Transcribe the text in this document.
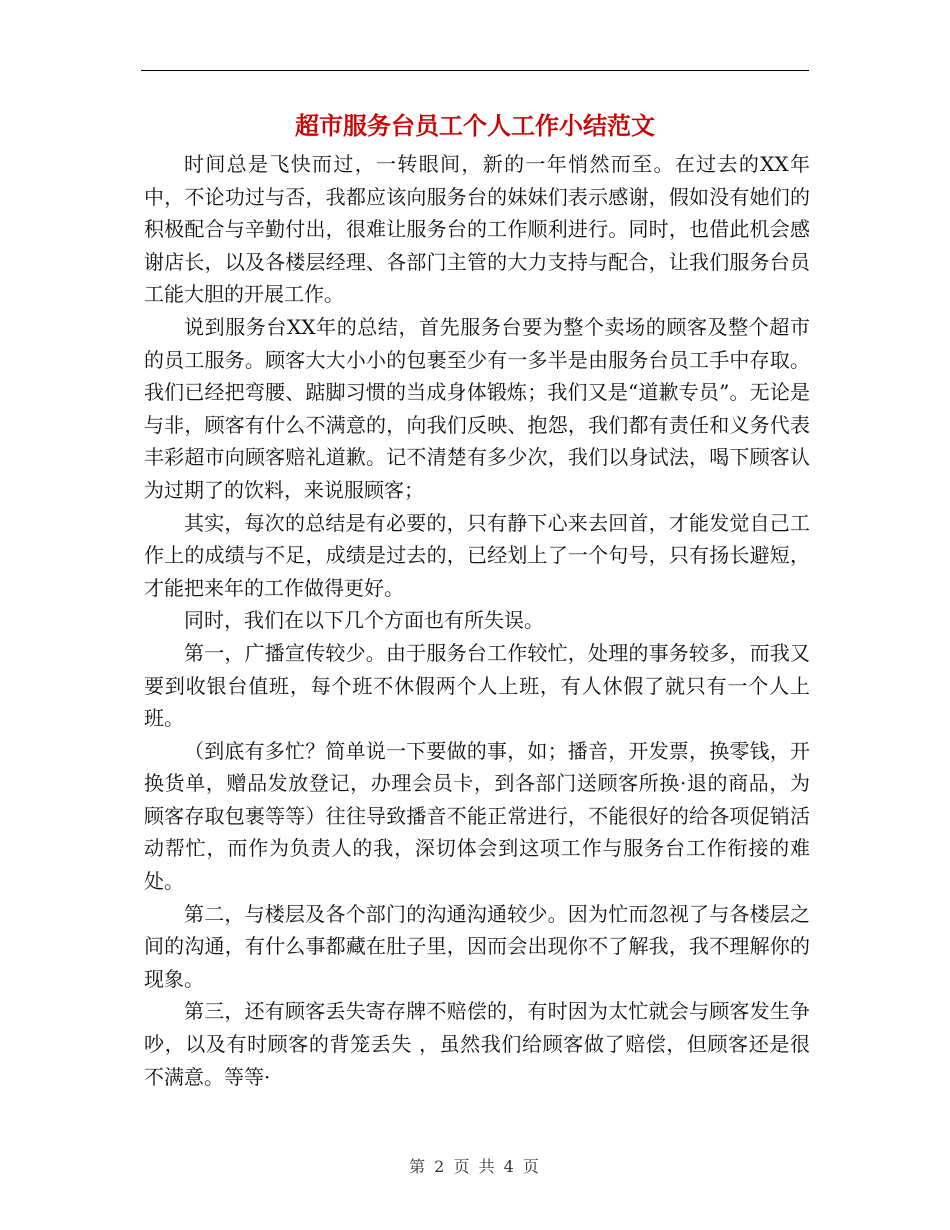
超市服务台员工个人工作小结范文

时间总是飞快而过，一转眼间，新的一年悄然而至。在过去的XX年中，不论功过与否，我都应该向服务台的妹妹们表示感谢，假如没有她们的积极配合与辛勤付出，很难让服务台的工作顺利进行。同时，也借此机会感谢店长，以及各楼层经理、各部门主管的大力支持与配合，让我们服务台员工能大胆的开展工作。

说到服务台XX年的总结，首先服务台要为整个卖场的顾客及整个超市的员工服务。顾客大大小小的包裹至少有一多半是由服务台员工手中存取。我们已经把弯腰、踮脚习惯的当成身体锻炼；我们又是“道歉专员”。无论是与非，顾客有什么不满意的，向我们反映、抱怨，我们都有责任和义务代表丰彩超市向顾客赔礼道歉。记不清楚有多少次，我们以身试法，喝下顾客认为过期了的饮料，来说服顾客；

其实，每次的总结是有必要的，只有静下心来去回首，才能发觉自己工作上的成绩与不足，成绩是过去的，已经划上了一个句号，只有扬长避短，才能把来年的工作做得更好。

同时，我们在以下几个方面也有所失误。

第一，广播宣传较少。由于服务台工作较忙，处理的事务较多，而我又要到收银台值班，每个班不休假两个人上班，有人休假了就只有一个人上班。

（到底有多忙？简单说一下要做的事，如；播音，开发票，换零钱，开换货单，赠品发放登记，办理会员卡，到各部门送顾客所换·退的商品，为顾客存取包裹等等）往往导致播音不能正常进行，不能很好的给各项促销活动帮忙，而作为负责人的我，深切体会到这项工作与服务台工作衔接的难处。

第二，与楼层及各个部门的沟通沟通较少。因为忙而忽视了与各楼层之间的沟通，有什么事都藏在肚子里，因而会出现你不了解我，我不理解你的现象。

第三，还有顾客丢失寄存牌不赔偿的，有时因为太忙就会与顾客发生争吵，以及有时顾客的背笼丢失 ，虽然我们给顾客做了赔偿，但顾客还是很不满意。等等·

第 2 页 共 4 页
